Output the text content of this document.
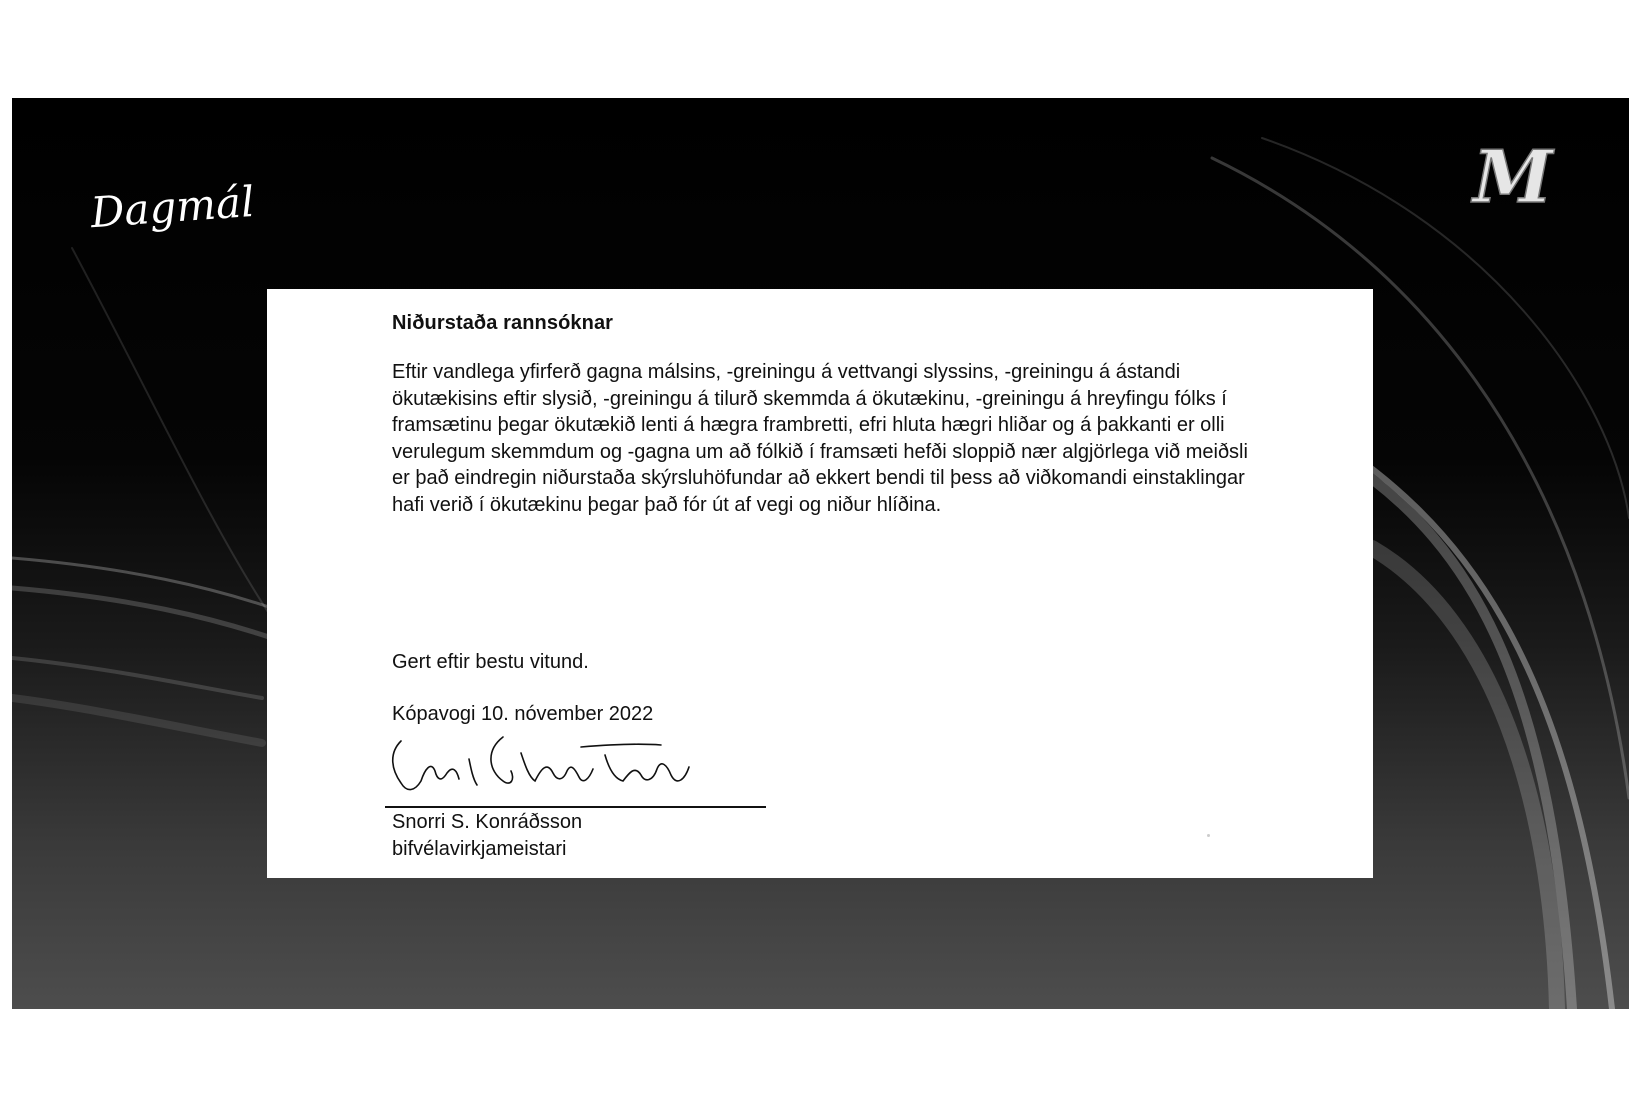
Dagmál	M

Niðurstaða rannsóknar

Eftir vandlega yfirferð gagna málsins, -greiningu á vettvangi slyssins, -greiningu á ástandi ökutækisins eftir slysið, -greiningu á tilurð skemmda á ökutækinu, -greiningu á hreyfingu fólks í framsætinu þegar ökutækið lenti á hægra frambretti, efri hluta hægri hliðar og á þakkanti er olli verulegum skemmdum og -gagna um að fólkið í framsæti hefði sloppið nær algjörlega við meiðsli er það eindregin niðurstaða skýrsluhöfundar að ekkert bendi til þess að viðkomandi einstaklingar hafi verið í ökutækinu þegar það fór út af vegi og niður hlíðina.

Gert eftir bestu vitund.

Kópavogi 10. nóvember 2022

Snorri S. Konráðsson

bifvélavirkjameistari
